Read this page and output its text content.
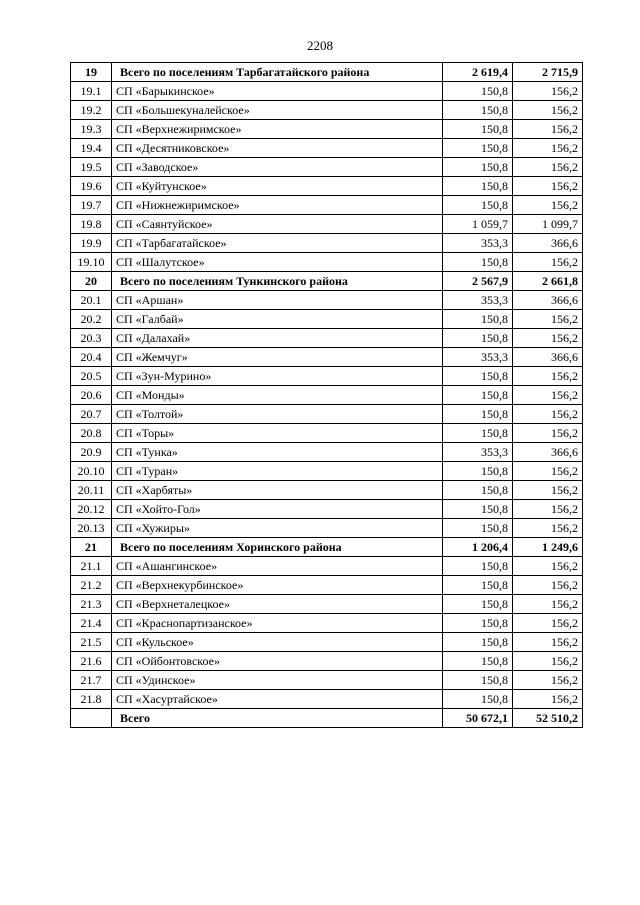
2208
19	Всего по поселениям Тарбагатайского района	2 619,4	2 715,9
19.1	СП «Барыкинское»	150,8	156,2
19.2	СП «Большекуналейское»	150,8	156,2
19.3	СП «Верхнежиримское»	150,8	156,2
19.4	СП «Десятниковское»	150,8	156,2
19.5	СП «Заводское»	150,8	156,2
19.6	СП «Куйтунское»	150,8	156,2
19.7	СП «Нижнежиримское»	150,8	156,2
19.8	СП «Саянтуйское»	1 059,7	1 099,7
19.9	СП «Тарбагатайское»	353,3	366,6
19.10	СП «Шалутское»	150,8	156,2
20	Всего по поселениям Тункинского района	2 567,9	2 661,8
20.1	СП «Аршан»	353,3	366,6
20.2	СП «Галбай»	150,8	156,2
20.3	СП «Далахай»	150,8	156,2
20.4	СП «Жемчуг»	353,3	366,6
20.5	СП «Зун-Мурино»	150,8	156,2
20.6	СП «Монды»	150,8	156,2
20.7	СП «Толтой»	150,8	156,2
20.8	СП «Торы»	150,8	156,2
20.9	СП «Тунка»	353,3	366,6
20.10	СП «Туран»	150,8	156,2
20.11	СП «Харбяты»	150,8	156,2
20.12	СП «Хойто-Гол»	150,8	156,2
20.13	СП «Хужиры»	150,8	156,2
21	Всего по поселениям Хоринского района	1 206,4	1 249,6
21.1	СП «Ашангинское»	150,8	156,2
21.2	СП «Верхнекурбинское»	150,8	156,2
21.3	СП «Верхнеталецкое»	150,8	156,2
21.4	СП «Краснопартизанское»	150,8	156,2
21.5	СП «Кульское»	150,8	156,2
21.6	СП «Ойбонтовское»	150,8	156,2
21.7	СП «Удинское»	150,8	156,2
21.8	СП «Хасуртайское»	150,8	156,2
	Всего	50 672,1	52 510,2
